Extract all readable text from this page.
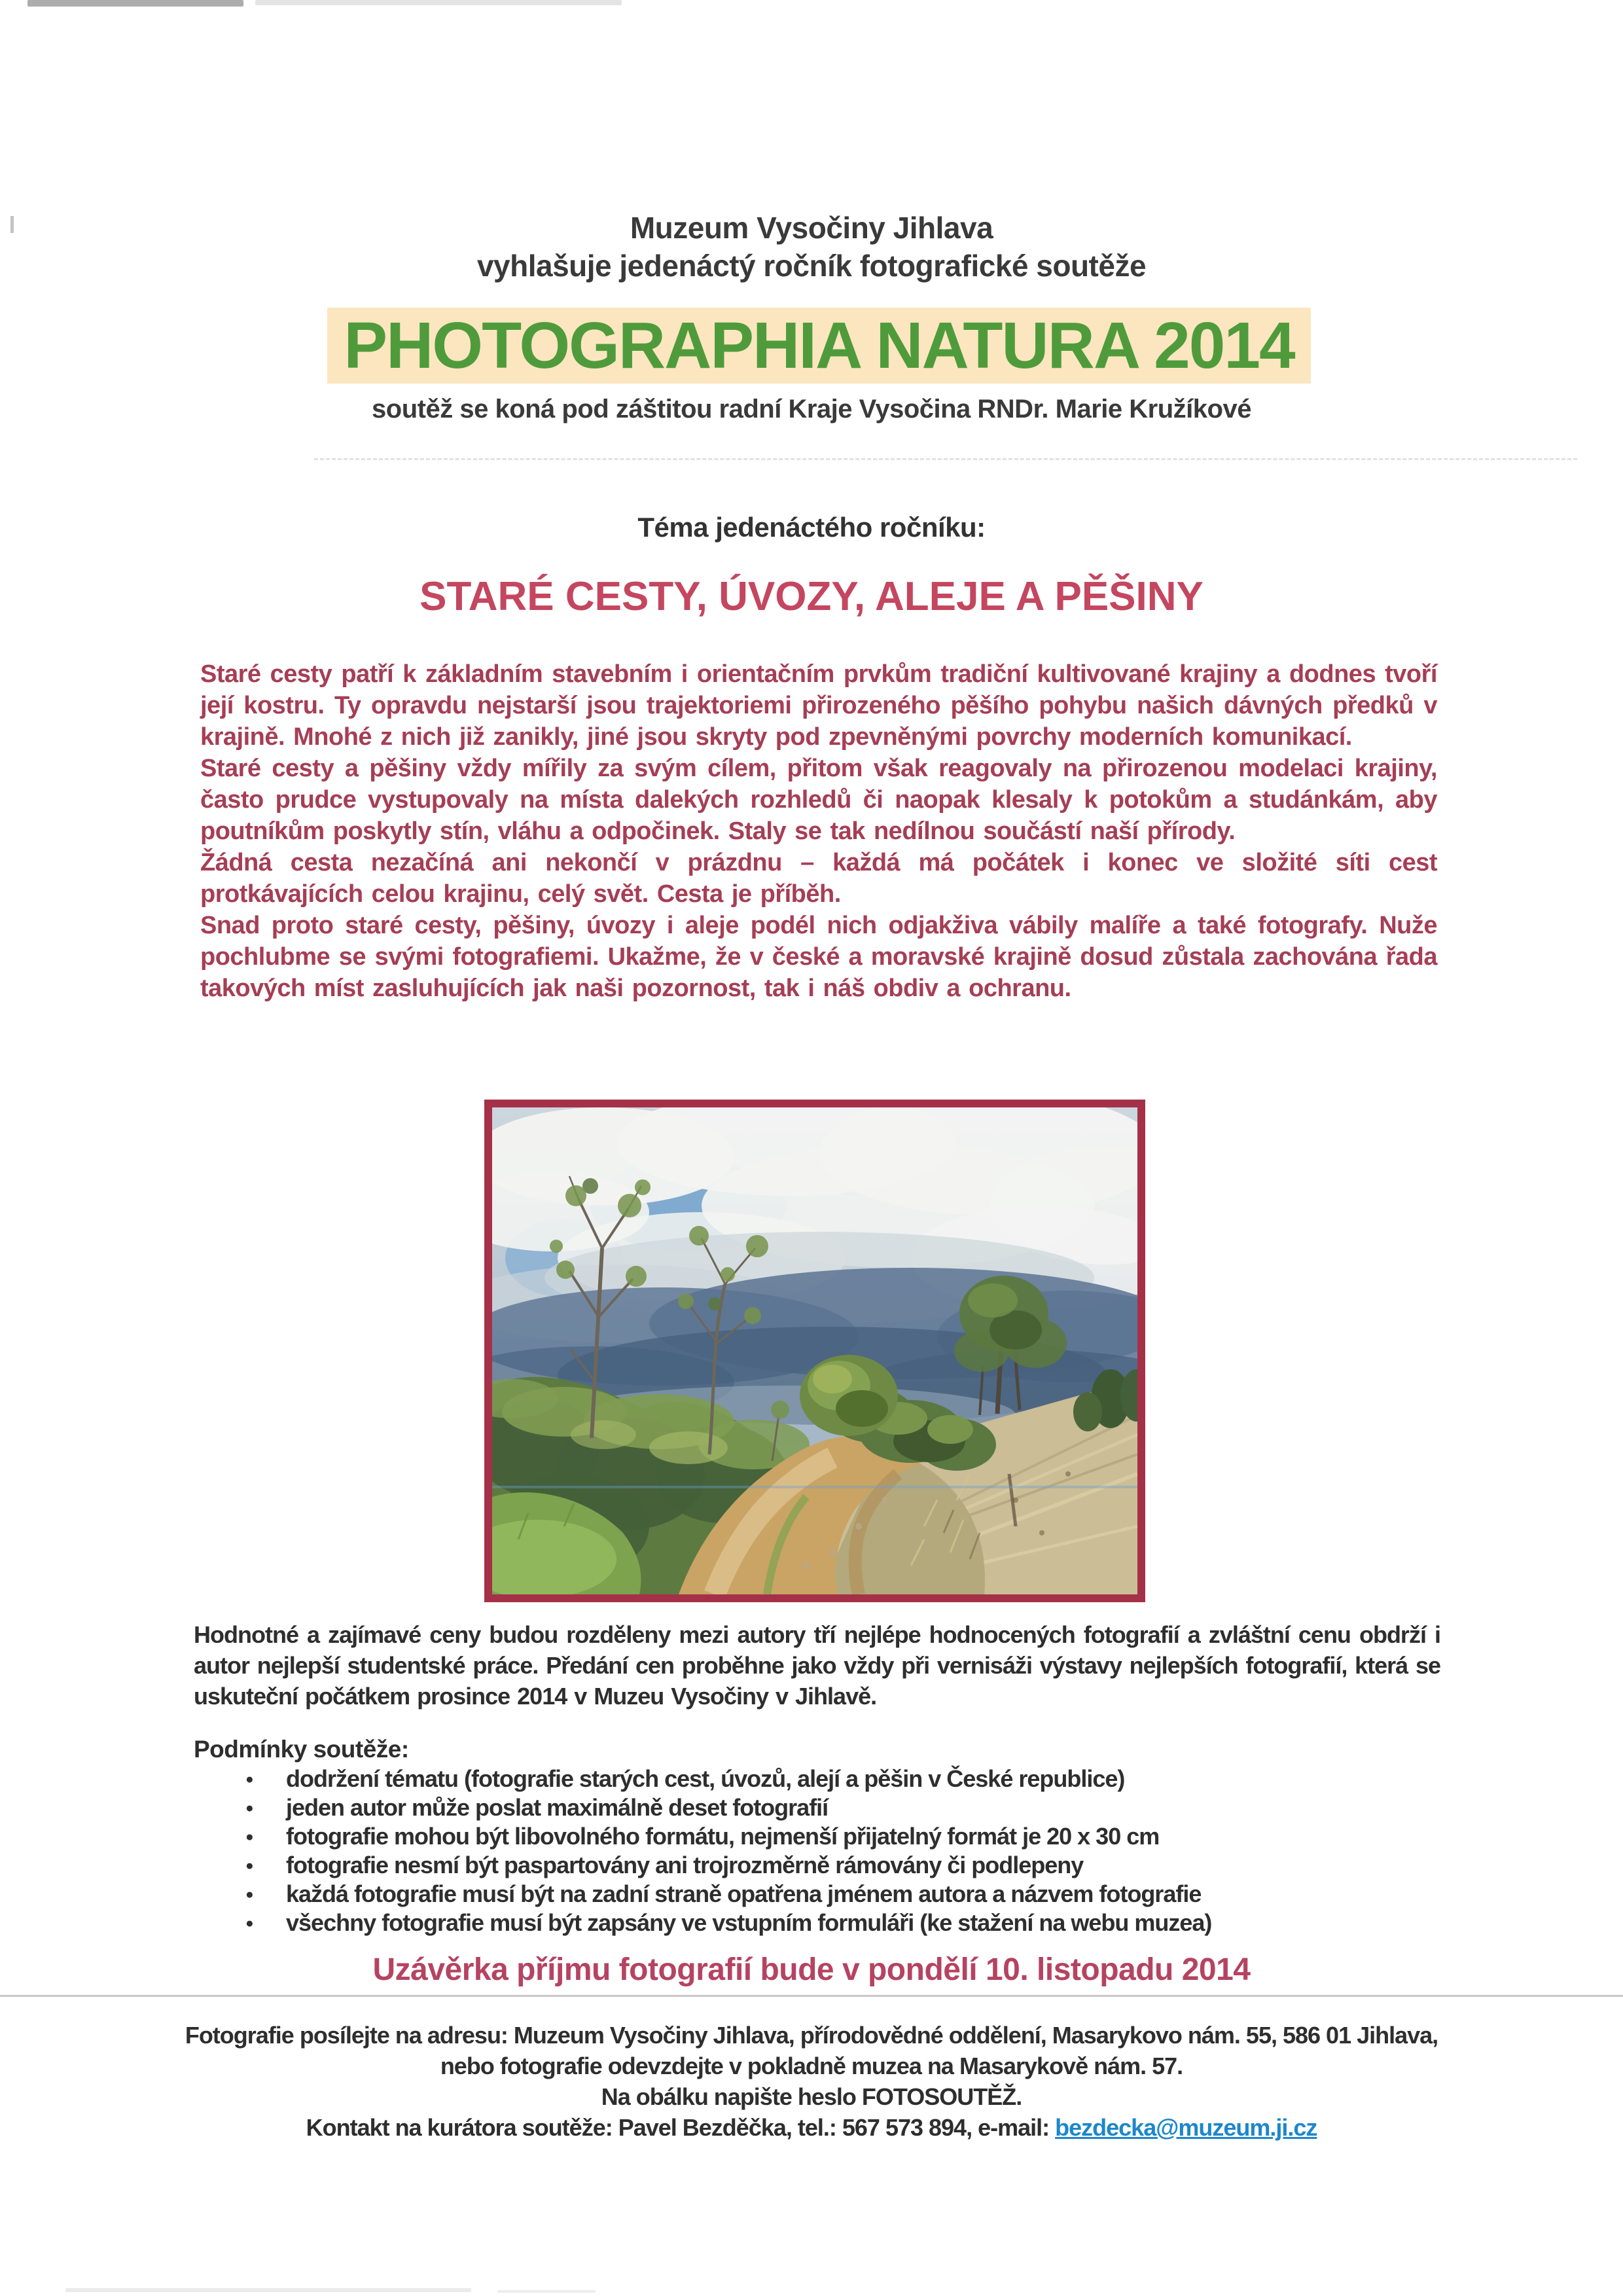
Muzeum Vysočiny Jihlava
vyhlašuje jedenáctý ročník fotografické soutěže
PHOTOGRAPHIA NATURA 2014
soutěž se koná pod záštitou radní Kraje Vysočina RNDr. Marie Kružíkové
Téma jedenáctého ročníku:
STARÉ CESTY, ÚVOZY, ALEJE A PĚŠINY

Staré cesty patří k základním stavebním i orientačním prvkům tradiční kultivované krajiny a dodnes tvoří její kostru. Ty opravdu nejstarší jsou trajektoriemi přirozeného pěšího pohybu našich dávných předků v krajině. Mnohé z nich již zanikly, jiné jsou skryty pod zpevněnými povrchy moderních komunikací.

Staré cesty a pěšiny vždy mířily za svým cílem, přitom však reagovaly na přirozenou modelaci krajiny, často prudce vystupovaly na místa dalekých rozhledů či naopak klesaly k potokům a studánkám, aby poutníkům poskytly stín, vláhu a odpočinek. Staly se tak nedílnou součástí naší přírody.

Žádná cesta nezačíná ani nekončí v prázdnu – každá má počátek i konec ve složité síti cest protkávajících celou krajinu, celý svět. Cesta je příběh.

Snad proto staré cesty, pěšiny, úvozy i aleje podél nich odjakživa vábily malíře a také fotografy. Nuže pochlubme se svými fotografiemi. Ukažme, že v české a moravské krajině dosud zůstala zachována řada takových míst zasluhujících jak naši pozornost, tak i náš obdiv a ochranu.

Hodnotné a zajímavé ceny budou rozděleny mezi autory tří nejlépe hodnocených fotografií a zvláštní cenu obdrží i autor nejlepší studentské práce. Předání cen proběhne jako vždy při vernisáži výstavy nejlepších fotografií, která se uskuteční počátkem prosince 2014 v Muzeu Vysočiny v Jihlavě.
Podmínky soutěže:
● dodržení tématu (fotografie starých cest, úvozů, alejí a pěšin v České republice)
● jeden autor může poslat maximálně deset fotografií
● fotografie mohou být libovolného formátu, nejmenší přijatelný formát je 20 x 30 cm
● fotografie nesmí být paspartovány ani trojrozměrně rámovány či podlepeny
● každá fotografie musí být na zadní straně opatřena jménem autora a názvem fotografie
● všechny fotografie musí být zapsány ve vstupním formuláři (ke stažení na webu muzea)
Uzávěrka příjmu fotografií bude v pondělí 10. listopadu 2014
Fotografie posílejte na adresu: Muzeum Vysočiny Jihlava, přírodovědné oddělení, Masarykovo nám. 55, 586 01 Jihlava,
nebo fotografie odevzdejte v pokladně muzea na Masarykově nám. 57.
Na obálku napište heslo FOTOSOUTĚŽ.
Kontakt na kurátora soutěže: Pavel Bezděčka, tel.: 567 573 894, e-mail: bezdecka@muzeum.ji.cz
